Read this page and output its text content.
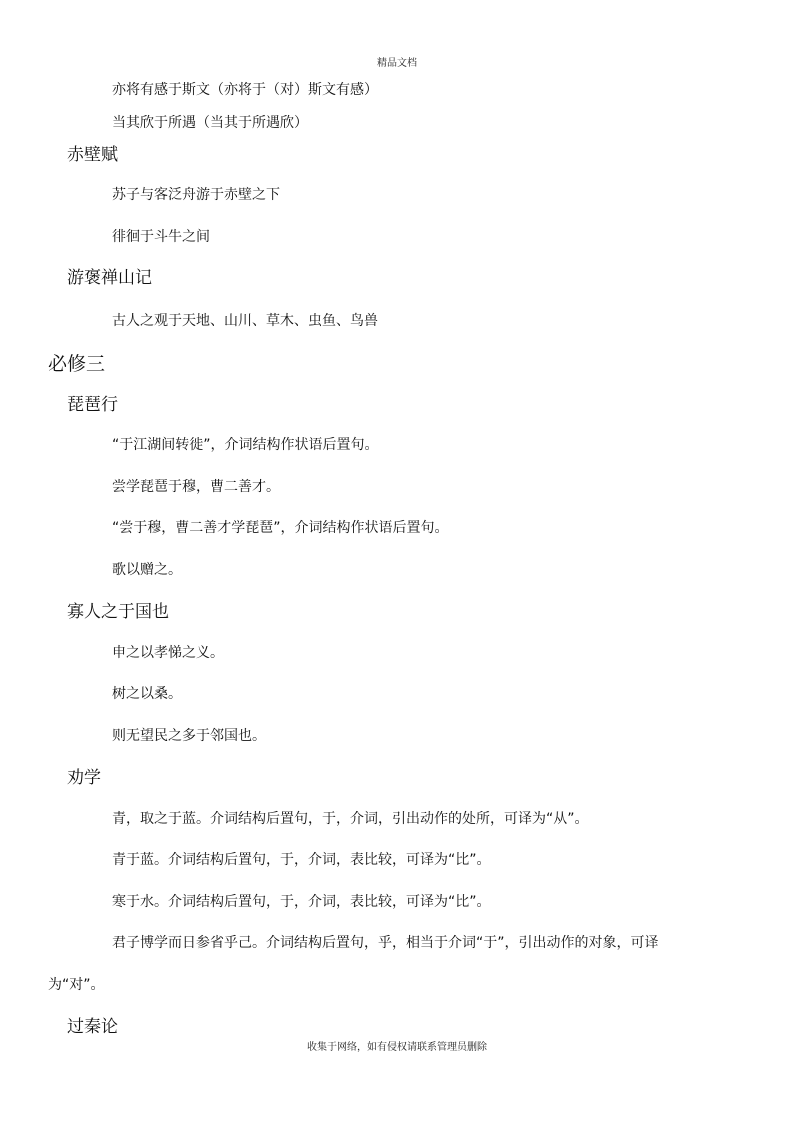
精品文档
亦将有感于斯文（亦将于（对）斯文有感）
当其欣于所遇（当其于所遇欣）
赤壁赋
苏子与客泛舟游于赤壁之下
徘徊于斗牛之间
游褒禅山记
古人之观于天地、山川、草木、虫鱼、鸟兽
必修三
琵琶行
“于江湖间转徙”，介词结构作状语后置句。
尝学琵琶于穆，曹二善才。
“尝于穆，曹二善才学琵琶”，介词结构作状语后置句。
歌以赠之。
寡人之于国也
申之以孝悌之义。
树之以桑。
则无望民之多于邻国也。
劝学
青，取之于蓝。介词结构后置句，于，介词，引出动作的处所，可译为“从”。
青于蓝。介词结构后置句，于，介词，表比较，可译为“比”。
寒于水。介词结构后置句，于，介词，表比较，可译为“比”。
君子博学而日参省乎己。介词结构后置句，乎，相当于介词“于”，引出动作的对象，可译
为“对”。
过秦论
收集于网络，如有侵权请联系管理员删除
